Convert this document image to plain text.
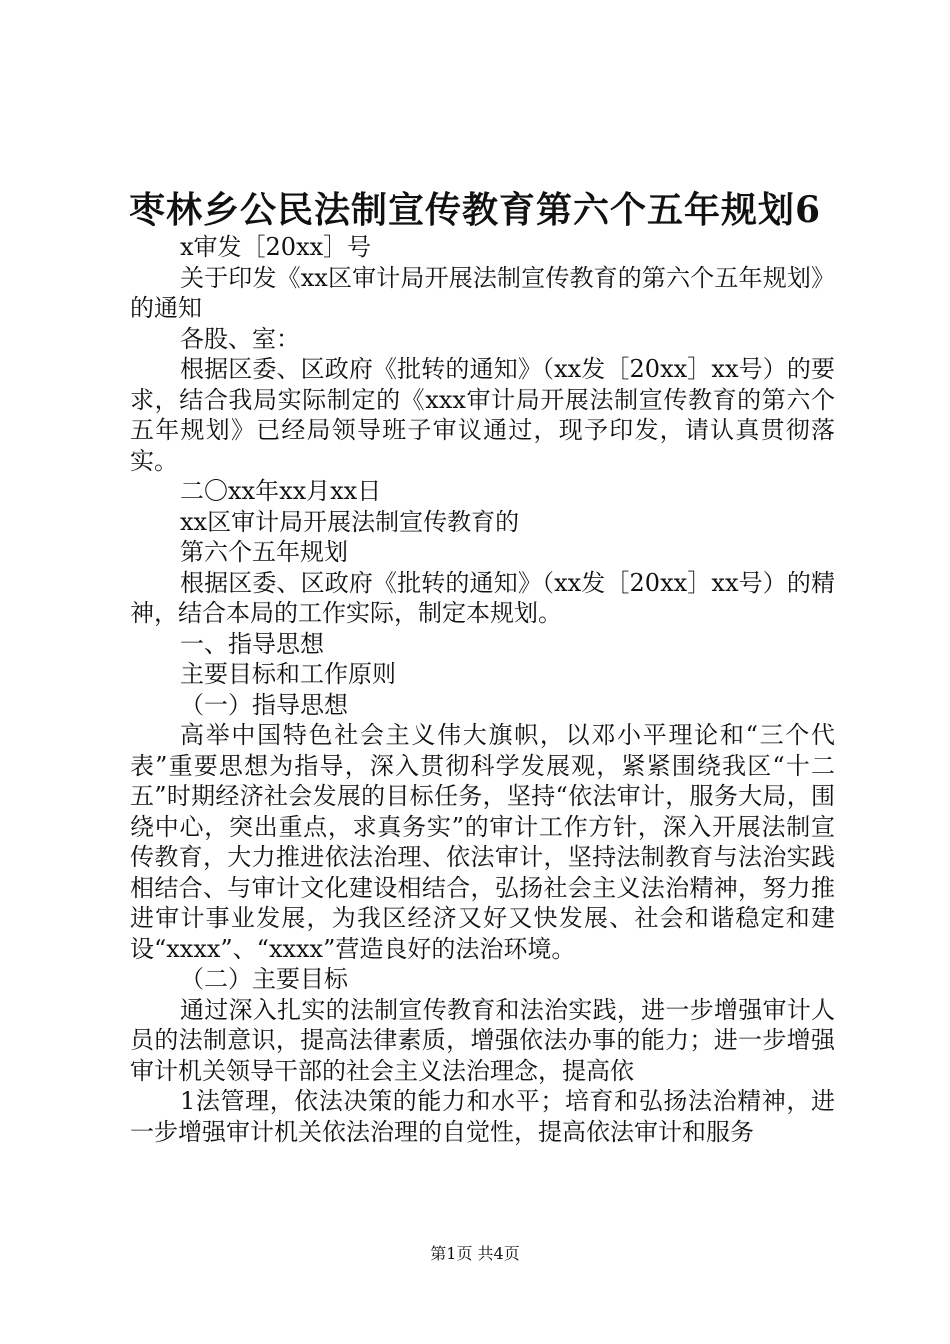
枣林乡公民法制宣传教育第六个五年规划6

x审发［20xx］号

关于印发《xx区审计局开展法制宣传教育的第六个五年规划》的通知

各股、室：

根据区委、区政府《批转的通知》（xx发［20xx］xx号）的要求，结合我局实际制定的《xxx审计局开展法制宣传教育的第六个五年规划》已经局领导班子审议通过，现予印发，请认真贯彻落实。

二〇xx年xx月xx日

xx区审计局开展法制宣传教育的

第六个五年规划

根据区委、区政府《批转的通知》（xx发［20xx］xx号）的精神，结合本局的工作实际，制定本规划。

一、指导思想

主要目标和工作原则

（一）指导思想

高举中国特色社会主义伟大旗帜，以邓小平理论和“三个代表”重要思想为指导，深入贯彻科学发展观，紧紧围绕我区“十二五”时期经济社会发展的目标任务，坚持“依法审计，服务大局，围绕中心，突出重点，求真务实”的审计工作方针，深入开展法制宣传教育，大力推进依法治理、依法审计，坚持法制教育与法治实践相结合、与审计文化建设相结合，弘扬社会主义法治精神，努力推进审计事业发展，为我区经济又好又快发展、社会和谐稳定和建设“xxxx”、“xxxx”营造良好的法治环境。

（二）主要目标

通过深入扎实的法制宣传教育和法治实践，进一步增强审计人员的法制意识，提高法律素质，增强依法办事的能力；进一步增强审计机关领导干部的社会主义法治理念，提高依

1法管理，依法决策的能力和水平；培育和弘扬法治精神，进一步增强审计机关依法治理的自觉性，提高依法审计和服务

第1页 共4页
